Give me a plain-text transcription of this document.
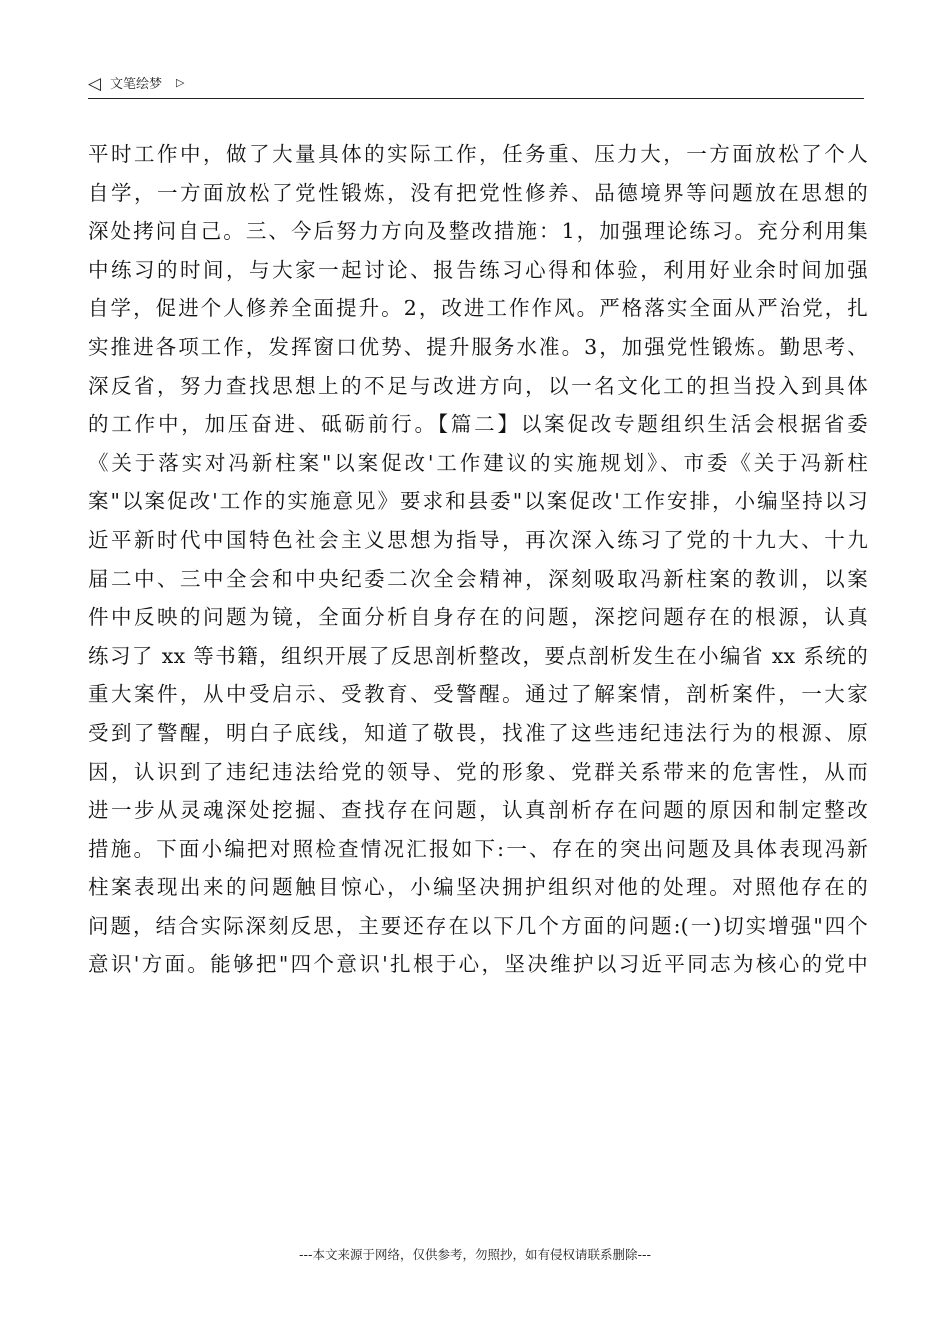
◁ 文笔绘梦 ▷
平时工作中，做了大量具体的实际工作，任务重、压力大，一方面放松了个人
自学，一方面放松了党性锻炼，没有把党性修养、品德境界等问题放在思想的
深处拷问自己。三、今后努力方向及整改措施：1，加强理论练习。充分利用集
中练习的时间，与大家一起讨论、报告练习心得和体验，利用好业余时间加强
自学，促进个人修养全面提升。2，改进工作作风。严格落实全面从严治党，扎
实推进各项工作，发挥窗口优势、提升服务水准。3，加强党性锻炼。勤思考、
深反省，努力查找思想上的不足与改进方向，以一名文化工的担当投入到具体
的工作中，加压奋进、砥砺前行。【篇二】以案促改专题组织生活会根据省委
《关于落实对冯新柱案"以案促改'工作建议的实施规划》、市委《关于冯新柱
案"以案促改'工作的实施意见》要求和县委"以案促改'工作安排，小编坚持以习
近平新时代中国特色社会主义思想为指导，再次深入练习了党的十九大、十九
届二中、三中全会和中央纪委二次全会精神，深刻吸取冯新柱案的教训，以案
件中反映的问题为镜，全面分析自身存在的问题，深挖问题存在的根源，认真
练习了 xx 等书籍，组织开展了反思剖析整改，要点剖析发生在小编省 xx 系统的
重大案件，从中受启示、受教育、受警醒。通过了解案情，剖析案件，一大家
受到了警醒，明白子底线，知道了敬畏，找准了这些违纪违法行为的根源、原
因，认识到了违纪违法给党的领导、党的形象、党群关系带来的危害性，从而
进一步从灵魂深处挖掘、查找存在问题，认真剖析存在问题的原因和制定整改
措施。下面小编把对照检查情况汇报如下:一、存在的突出问题及具体表现冯新
柱案表现出来的问题触目惊心，小编坚决拥护组织对他的处理。对照他存在的
问题，结合实际深刻反思，主要还存在以下几个方面的问题:(一)切实增强"四个
意识'方面。能够把"四个意识'扎根于心，坚决维护以习近平同志为核心的党中
---本文来源于网络，仅供参考，勿照抄，如有侵权请联系删除---
